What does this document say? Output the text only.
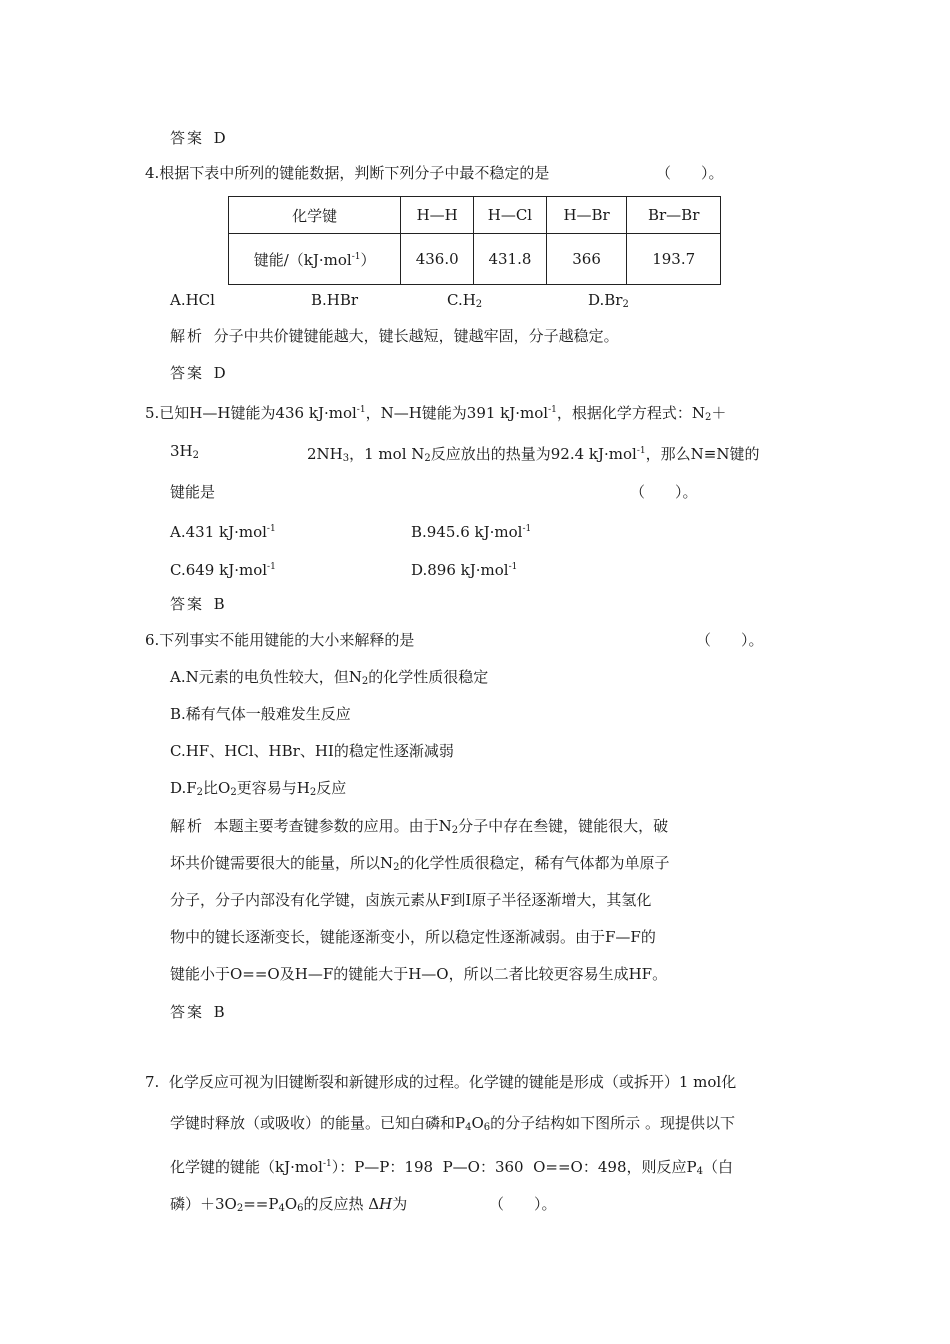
答案 D
4.根据下表中所列的键能数据，判断下列分子中最不稳定的是	（　　）。
化学键	H—H	H—Cl	H—Br	Br—Br
键能/（kJ·mol$^{-1}$）	436.0	431.8	366	193.7
A.HCl	B.HBr	$C.H_2$	$D.Br_2$
解析 分子中共价键键能越大，键长越短，键越牢固，分子越稳定。
答案 D
5.已知H—H键能为436 kJ·mol$^{-1}$，N—H键能为391 kJ·mol$^{-1}$，根据化学方程式：$N_2+$
$3H_2$	$2NH_3$，1 mol $N_2$反应放出的热量为92.4 kJ·mol$^{-1}$，那么N≡N键的
键能是	（　　）。
A.431 kJ·mol$^{-1}$	B.945.6 kJ·mol$^{-1}$
C.649 kJ·mol$^{-1}$	D.896 kJ·mol$^{-1}$
答案 B
6.下列事实不能用键能的大小来解释的是	（　　）。
A.N元素的电负性较大，但$N_2$的化学性质很稳定
B.稀有气体一般难发生反应
C.HF、HCl、HBr、HI的稳定性逐渐减弱
$D.F_2$比$O_2$更容易与$H_2$反应
解析 本题主要考查键参数的应用。由于$N_2$分子中存在叁键，键能很大，破
坏共价键需要很大的能量，所以$N_2$的化学性质很稳定，稀有气体都为单原子
分子，分子内部没有化学键，卤族元素从F到I原子半径逐渐增大，其氢化
物中的键长逐渐变长，键能逐渐变小，所以稳定性逐渐减弱。由于F—F的
键能小于O==O及H—F的键能大于H—O，所以二者比较更容易生成HF。
答案 B
7.  化学反应可视为旧键断裂和新键形成的过程。化学键的键能是形成（或拆开）1 mol化
学键时释放（或吸收）的能量。已知白磷和$P_4O_6$的分子结构如下图所示 。现提供以下
化学键的键能（kJ·mol$^{-1}$）：P—P：198  P—O：360  O==O：498，则反应$P_4$（白
磷）$+3O_2==P_4O_6$的反应热 ΔH为	（　　）。
